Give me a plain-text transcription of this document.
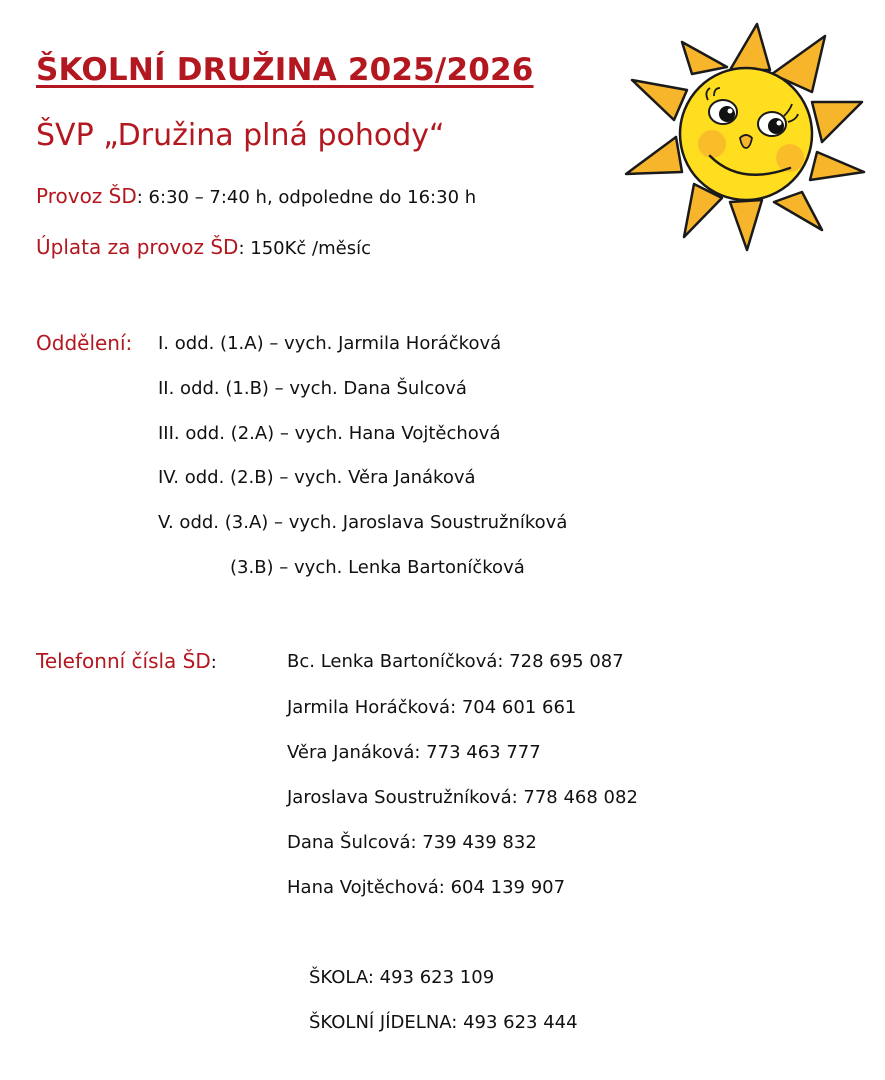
ŠKOLNÍ DRUŽINA 2025/2026
ŠVP „Družina plná pohody“
Provoz ŠD: 6:30 – 7:40 h, odpoledne do 16:30 h
Úplata za provoz ŠD: 150Kč /měsíc
Oddělení: I. odd. (1.A) – vych. Jarmila Horáčková
II. odd. (1.B) – vych. Dana Šulcová
III. odd. (2.A) – vych. Hana Vojtěchová
IV. odd. (2.B) – vych. Věra Janáková
V. odd. (3.A) – vych. Jaroslava Soustružníková
(3.B) – vych. Lenka Bartoníčková
Telefonní čísla ŠD:	Bc. Lenka Bartoníčková: 728 695 087
Jarmila Horáčková: 704 601 661
Věra Janáková: 773 463 777
Jaroslava Soustružníková: 778 468 082
Dana Šulcová: 739 439 832
Hana Vojtěchová: 604 139 907
ŠKOLA: 493 623 109
ŠKOLNÍ JÍDELNA: 493 623 444
